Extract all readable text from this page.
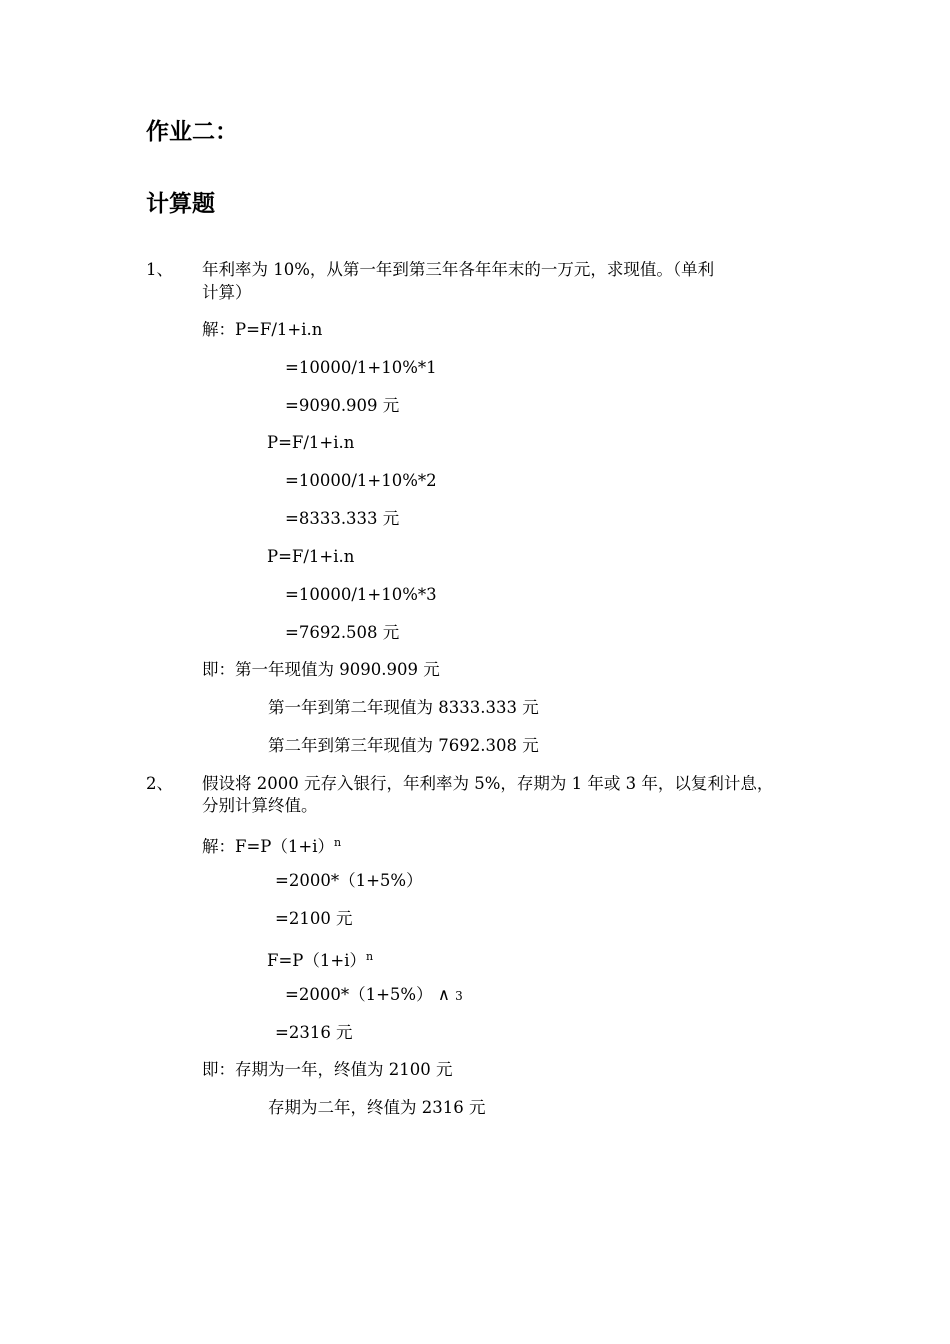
作业二：
计算题
1、 年利率为 10%，从第一年到第三年各年年末的一万元，求现值。（单利
计算）
解：P=F/1+i.n
=10000/1+10%*1
=9090.909 元
P=F/1+i.n
=10000/1+10%*2
=8333.333 元
P=F/1+i.n
=10000/1+10%*3
=7692.508 元
即：第一年现值为 9090.909 元
第一年到第二年现值为 8333.333 元
第二年到第三年现值为 7692.308 元
2、 假设将 2000 元存入银行，年利率为 5%，存期为 1 年或 3 年，以复利计息，
分别计算终值。
解：$F=P(1+i)^n$
=2000*（1+5%）
=2100 元
$F=P(1+i)^n$
=2000*（1+5%） ∧ 3
=2316 元
即：存期为一年，终值为 2100 元
存期为二年，终值为 2316 元
